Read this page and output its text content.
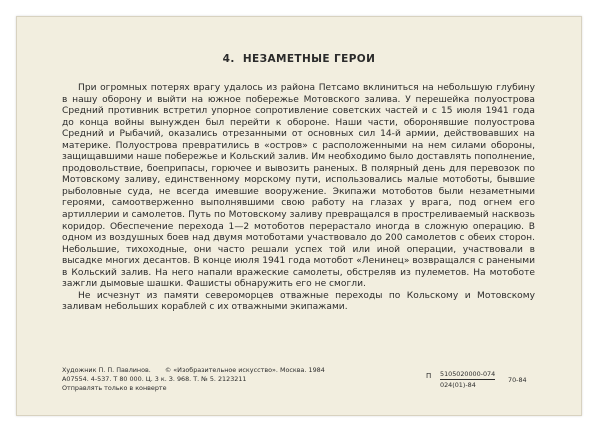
4. НЕЗАМЕТНЫЕ ГЕРОИ

При огромных потерях врагу удалось из района Петсамо вклиниться на небольшую глубину в нашу оборону и выйти на южное побережье Мотовского залива. У перешейка полуострова Средний противник встретил упорное сопротивление советских частей и с 15 июля 1941 года до конца войны вынужден был перейти к обороне. Наши части, оборонявшие полуострова Средний и Рыбачий, оказались отрезанными от основных сил 14-й армии, действовавших на материке. Полуострова превратились в «остров» с расположенными на нем силами обороны, защищавшими наше побережье и Кольский залив. Им необходимо было доставлять пополнение, продовольствие, боеприпасы, горючее и вывозить раненых. В полярный день для перевозок по Мотовскому заливу, единственному морскому пути, использовались малые мотоботы, бывшие рыболовные суда, не всегда имевшие вооружение. Экипажи мотоботов были незаметными героями, самоотверженно выполнявшими свою работу на глазах у врага, под огнем его артиллерии и самолетов. Путь по Мотовскому заливу превращался в простреливаемый насквозь коридор. Обеспечение перехода 1—2 мотоботов перерастало иногда в сложную операцию. В одном из воздушных боев над двумя мотоботами участвовало до 200 самолетов с обеих сторон. Небольшие, тихоходные, они часто решали успех той или иной операции, участвовали в высадке многих десантов. В конце июля 1941 года мотобот «Ленинец» возвращался с ранеными в Кольский залив. На него напали вражеские самолеты, обстреляв из пулеметов. На мотоботе зажгли дымовые шашки. Фашисты обнаружить его не смогли.

Не исчезнут из памяти североморцев отважные переходы по Кольскому и Мотовскому заливам небольших кораблей с их отважными экипажами.

Художник П. П. Павлинов. © «Изобразительное искусство». Москва. 1984
А07554. 4-537. Т 80 000. Ц. 3 к. З. 968. Т. № 5. 2123211
Отправлять только в конверте
П 5105020000-074
024(01)-84
70-84
